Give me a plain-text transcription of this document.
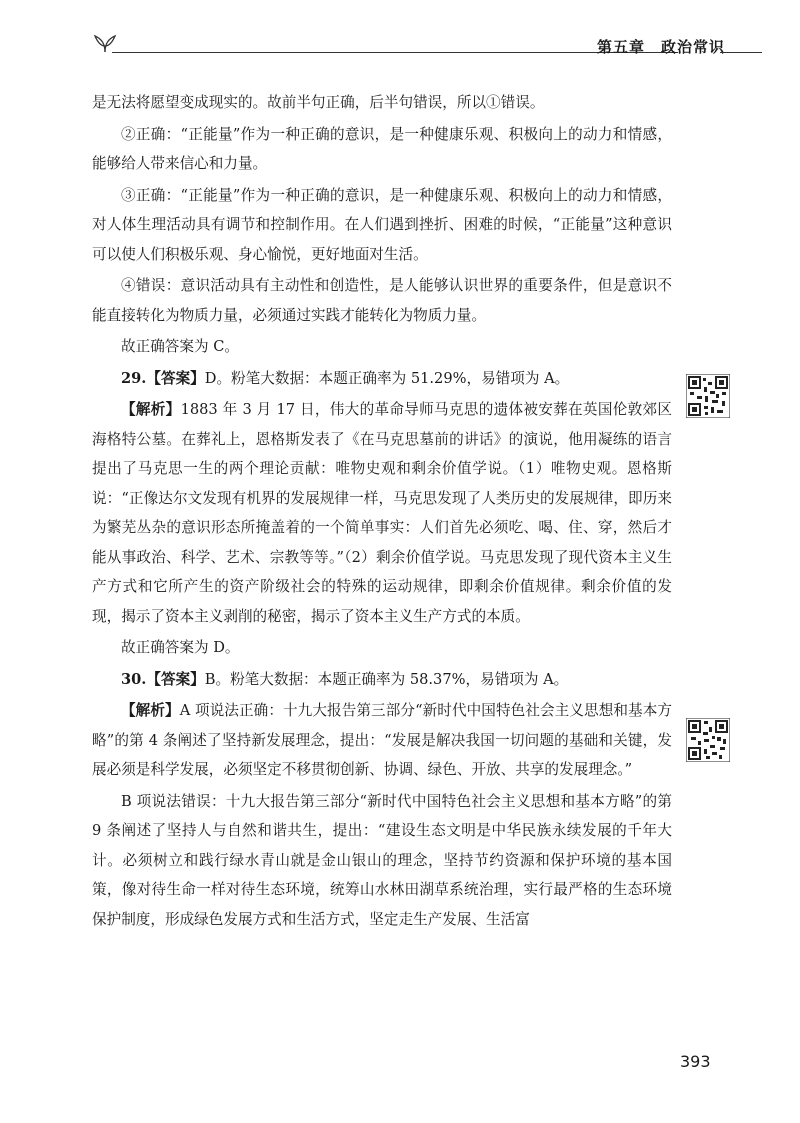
第五章　政治常识

是无法将愿望变成现实的。故前半句正确，后半句错误，所以①错误。

②正确：“正能量”作为一种正确的意识，是一种健康乐观、积极向上的动力和情感，能够给人带来信心和力量。

③正确：“正能量”作为一种正确的意识，是一种健康乐观、积极向上的动力和情感，对人体生理活动具有调节和控制作用。在人们遇到挫折、困难的时候，“正能量”这种意识可以使人们积极乐观、身心愉悦，更好地面对生活。

④错误：意识活动具有主动性和创造性，是人能够认识世界的重要条件，但是意识不能直接转化为物质力量，必须通过实践才能转化为物质力量。

故正确答案为 C。

29.【答案】D。粉笔大数据：本题正确率为 51.29%，易错项为 A。

【解析】1883 年 3 月 17 日，伟大的革命导师马克思的遗体被安葬在英国伦敦郊区海格特公墓。在葬礼上，恩格斯发表了《在马克思墓前的讲话》的演说，他用凝练的语言提出了马克思一生的两个理论贡献：唯物史观和剩余价值学说。（1）唯物史观。恩格斯说：“正像达尔文发现有机界的发展规律一样，马克思发现了人类历史的发展规律，即历来为繁芜丛杂的意识形态所掩盖着的一个简单事实：人们首先必须吃、喝、住、穿，然后才能从事政治、科学、艺术、宗教等等。”（2）剩余价值学说。马克思发现了现代资本主义生产方式和它所产生的资产阶级社会的特殊的运动规律，即剩余价值规律。剩余价值的发现，揭示了资本主义剥削的秘密，揭示了资本主义生产方式的本质。

故正确答案为 D。

30.【答案】B。粉笔大数据：本题正确率为 58.37%，易错项为 A。

【解析】A 项说法正确：十九大报告第三部分“新时代中国特色社会主义思想和基本方略”的第 4 条阐述了坚持新发展理念，提出：“发展是解决我国一切问题的基础和关键，发展必须是科学发展，必须坚定不移贯彻创新、协调、绿色、开放、共享的发展理念。”

B 项说法错误：十九大报告第三部分“新时代中国特色社会主义思想和基本方略”的第 9 条阐述了坚持人与自然和谐共生，提出：“建设生态文明是中华民族永续发展的千年大计。必须树立和践行绿水青山就是金山银山的理念，坚持节约资源和保护环境的基本国策，像对待生命一样对待生态环境，统筹山水林田湖草系统治理，实行最严格的生态环境保护制度，形成绿色发展方式和生活方式，坚定走生产发展、生活富

393
